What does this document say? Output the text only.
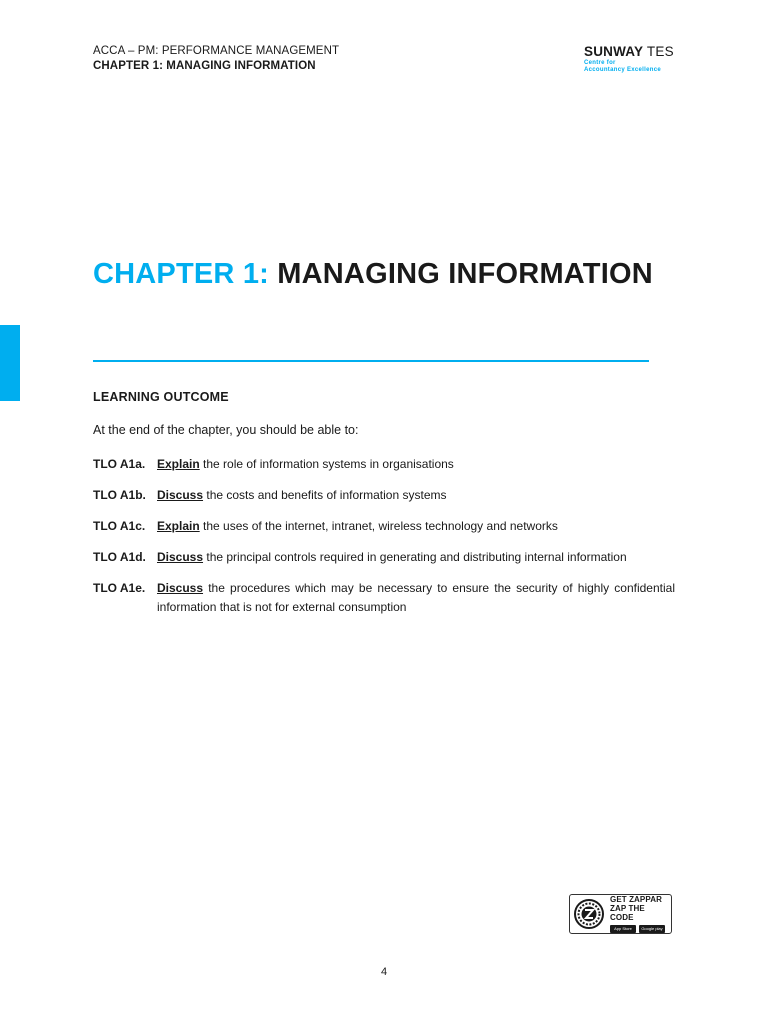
ACCA – PM: PERFORMANCE MANAGEMENT
CHAPTER 1: MANAGING INFORMATION
SUNWAY TES
Centre for
Accountancy Excellence
CHAPTER 1: MANAGING INFORMATION
LEARNING OUTCOME
At the end of the chapter, you should be able to:
TLO A1a. Explain the role of information systems in organisations
TLO A1b. Discuss the costs and benefits of information systems
TLO A1c. Explain the uses of the internet, intranet, wireless technology and networks
TLO A1d. Discuss the principal controls required in generating and distributing internal information
TLO A1e. Discuss the procedures which may be necessary to ensure the security of highly confidential information that is not for external consumption
GET ZAPPAR
ZAP THE CODE
App Store	Google play
4
